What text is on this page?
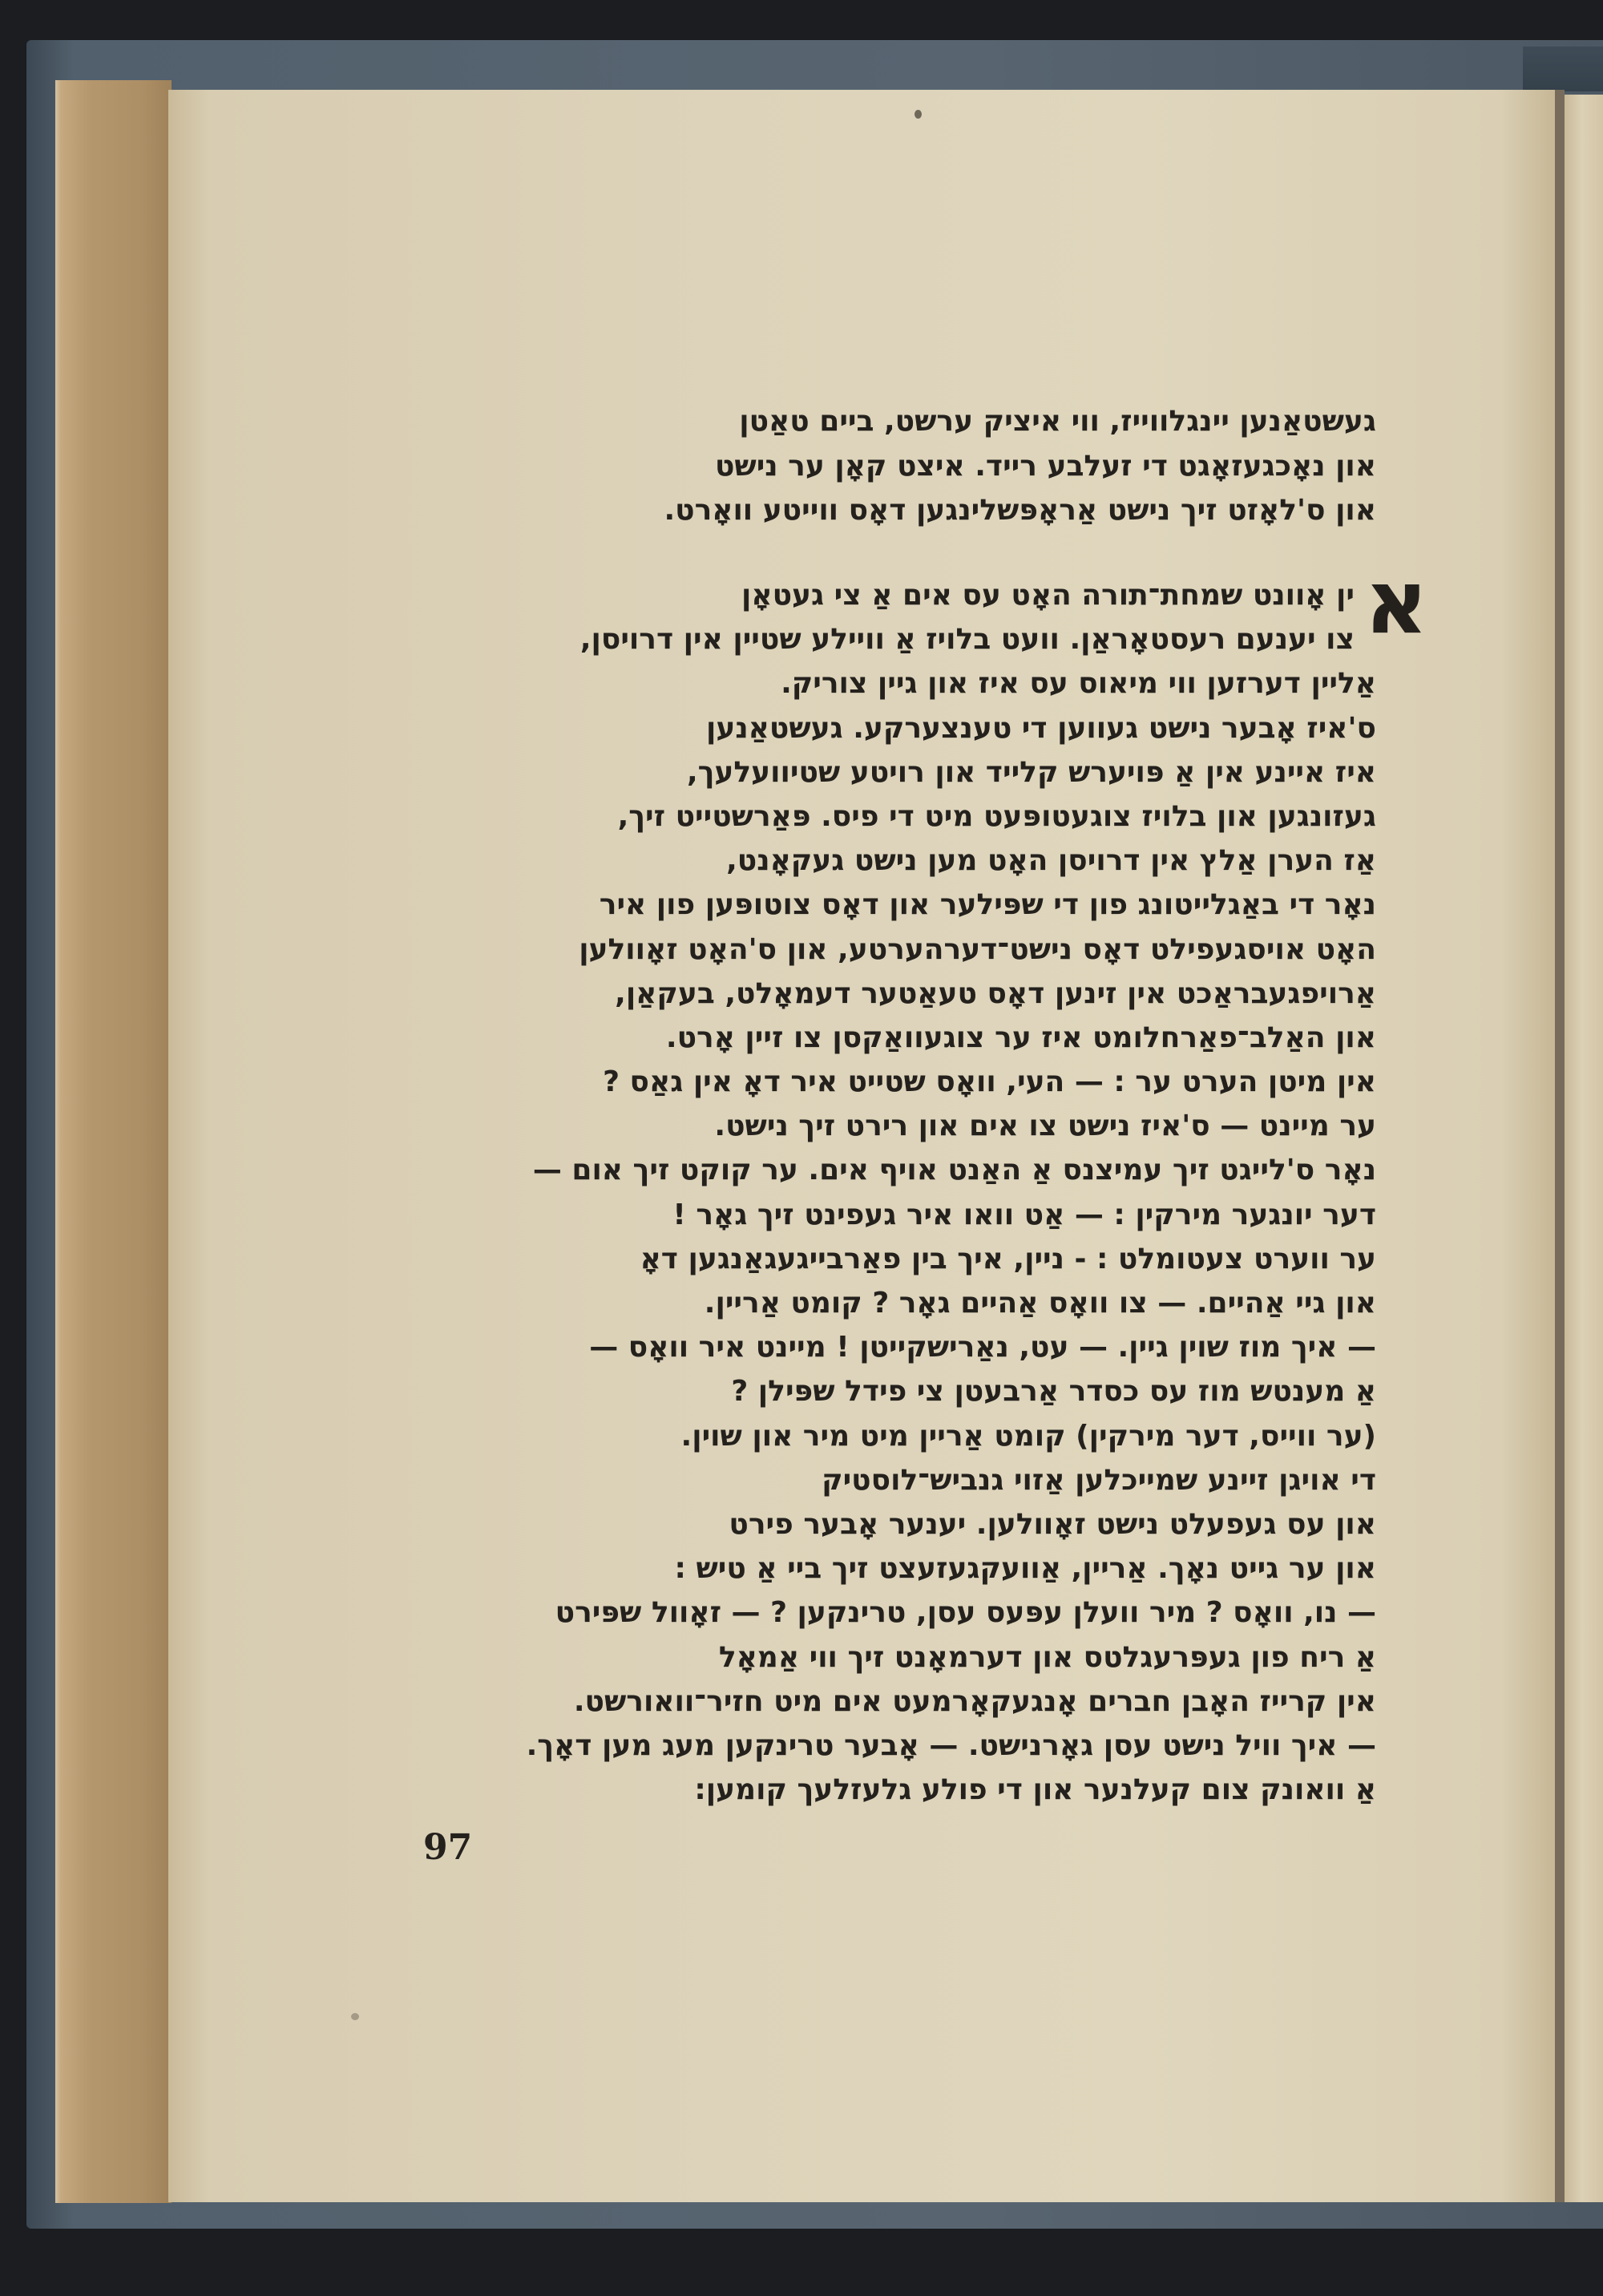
געשטאַנען יינגלווייז, ווי איציק ערשט, ביים טאַטן
און נאָכגעזאָגט די זעלבע רייד. איצט קאָן ער נישט
און ס'לאָזט זיך נישט אַראָפּשלינגען דאָס ווייטע וואָרט.
א
ין אָוונט שמחת־תורה האָט עס אים אַ צי געטאָן
צו יענעם רעסטאָראַן. וועט בלויז אַ וויילע שטיין אין דרויסן,
אַליין דערזען ווי מיאוס עס איז און גיין צוריק.
ס'איז אָבער נישט געווען די טענצערקע. געשטאַנען
איז איינע אין אַ פּויערש קלייד און רויטע שטיוועלעך,
געזונגען און בלויז צוגעטופּעט מיט די פיס. פּאַרשטייט זיך,
אַז הערן אַלץ אין דרויסן האָט מען נישט געקאָנט,
נאָר די באַגלייטונג פון די שפּילער און דאָס צוטופּען פון איר
האָט אויסגעפילט דאָס נישט־דערהערטע, און ס'האָט זאָוולען
אַרויפגעבראַכט אין זינען דאָס טעאַטער דעמאָלט, בעקאַן,
און האַלב־פאַרחלומט איז ער צוגעוואַקסן צו זיין אָרט.
אין מיטן הערט ער : — העי, וואָס שטייט איר דאָ אין גאַס ?
ער מיינט — ס'איז נישט צו אים און רירט זיך נישט.
נאָר ס'לייגט זיך עמיצנס אַ האַנט אויף אים. ער קוקט זיך אום —
דער יונגער מירקין : — אַט וואו איר געפינט זיך גאָר !
ער ווערט צעטומלט : - ניין, איך בין פאַרבייגעגאַנגען דאָ
און גיי אַהיים. — צו וואָס אַהיים גאָר ? קומט אַריין.
— איך מוז שוין גיין. — עט, נאַרישקייטן ! מיינט איר וואָס —
אַ מענטש מוז עס כסדר אַרבעטן צי פידל שפּילן ?
(ער ווייס, דער מירקין) קומט אַריין מיט מיר און שוין.
די אויגן זיינע שמייכלען אַזוי גנביש־לוסטיק
און עס געפעלט נישט זאָוולען. יענער אָבער פירט
און ער גייט נאָך. אַריין, אַוועקגעזעצט זיך ביי אַ טיש :
— נו, וואָס ? מיר וועלן עפּעס עסן, טרינקען ? — זאָוול שפּירט
אַ ריח פון געפּרעגלטס און דערמאָנט זיך ווי אַמאָל
אין קרייז האָבן חברים אָנגעקאָרמעט אים מיט חזיר־וואורשט.
— איך וויל נישט עסן גאָרנישט. — אָבער טרינקען מעג מען דאָך.
אַ וואונק צום קעלנער און די פולע גלעזלעך קומען:
97
